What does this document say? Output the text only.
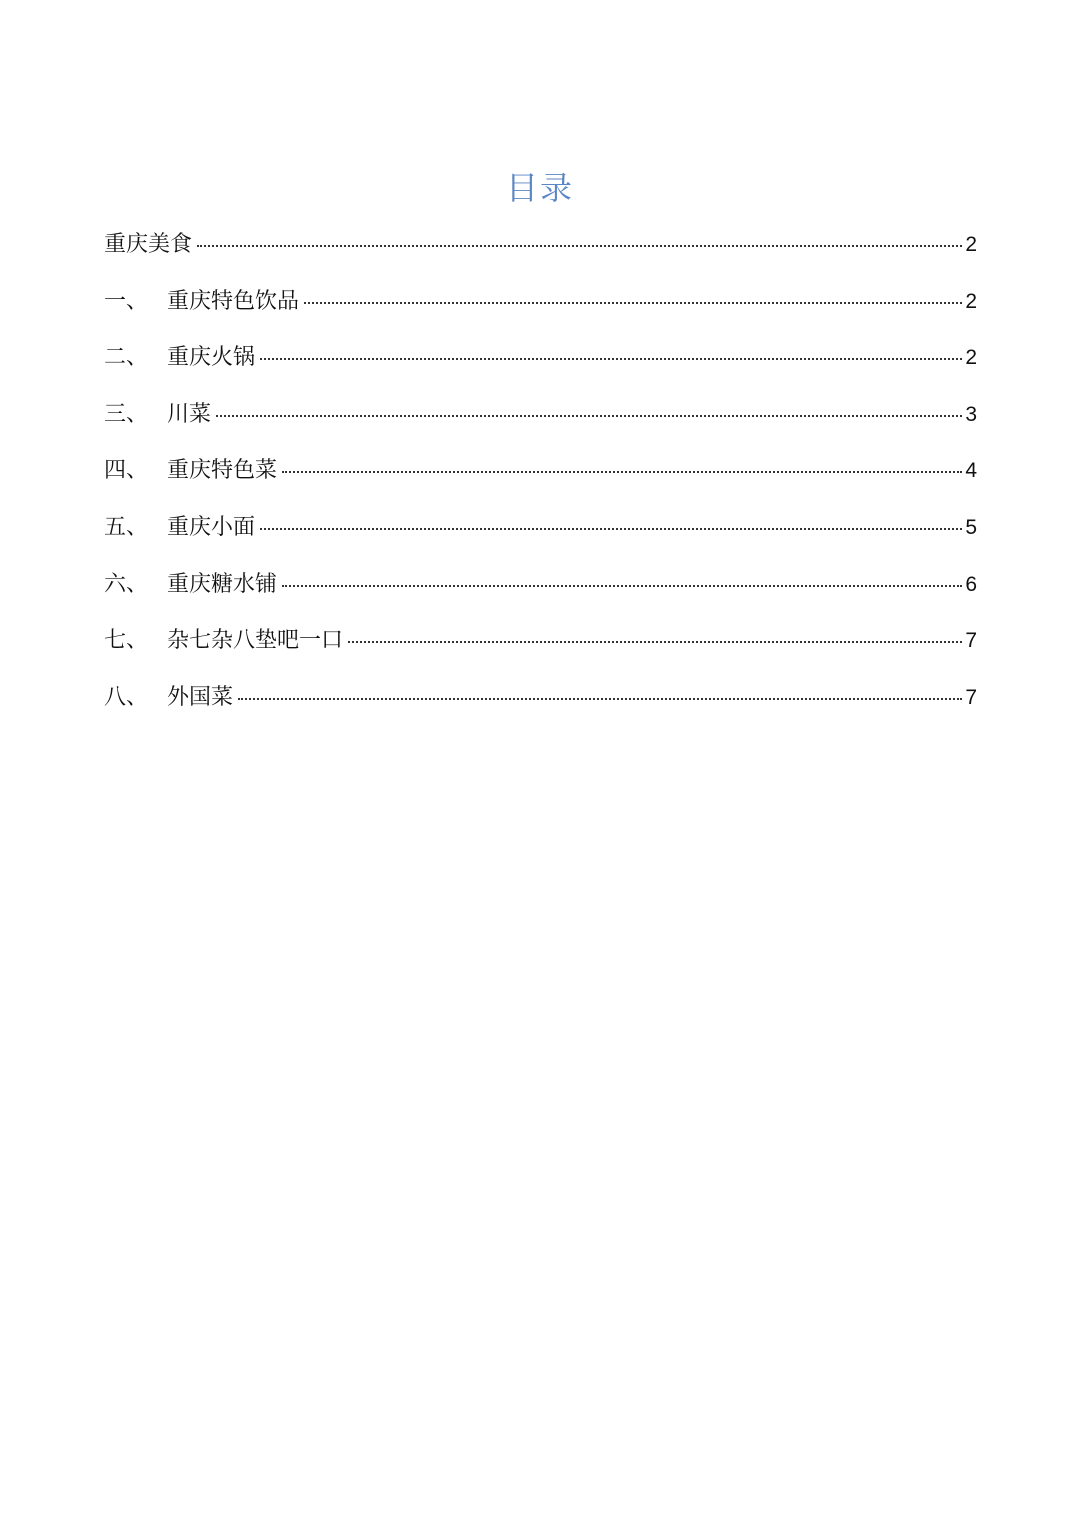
目录
重庆美食	2
一、 重庆特色饮品	2
二、 重庆火锅	2
三、 川菜	3
四、 重庆特色菜	4
五、 重庆小面	5
六、 重庆糖水铺	6
七、 杂七杂八垫吧一口	7
八、 外国菜	7
